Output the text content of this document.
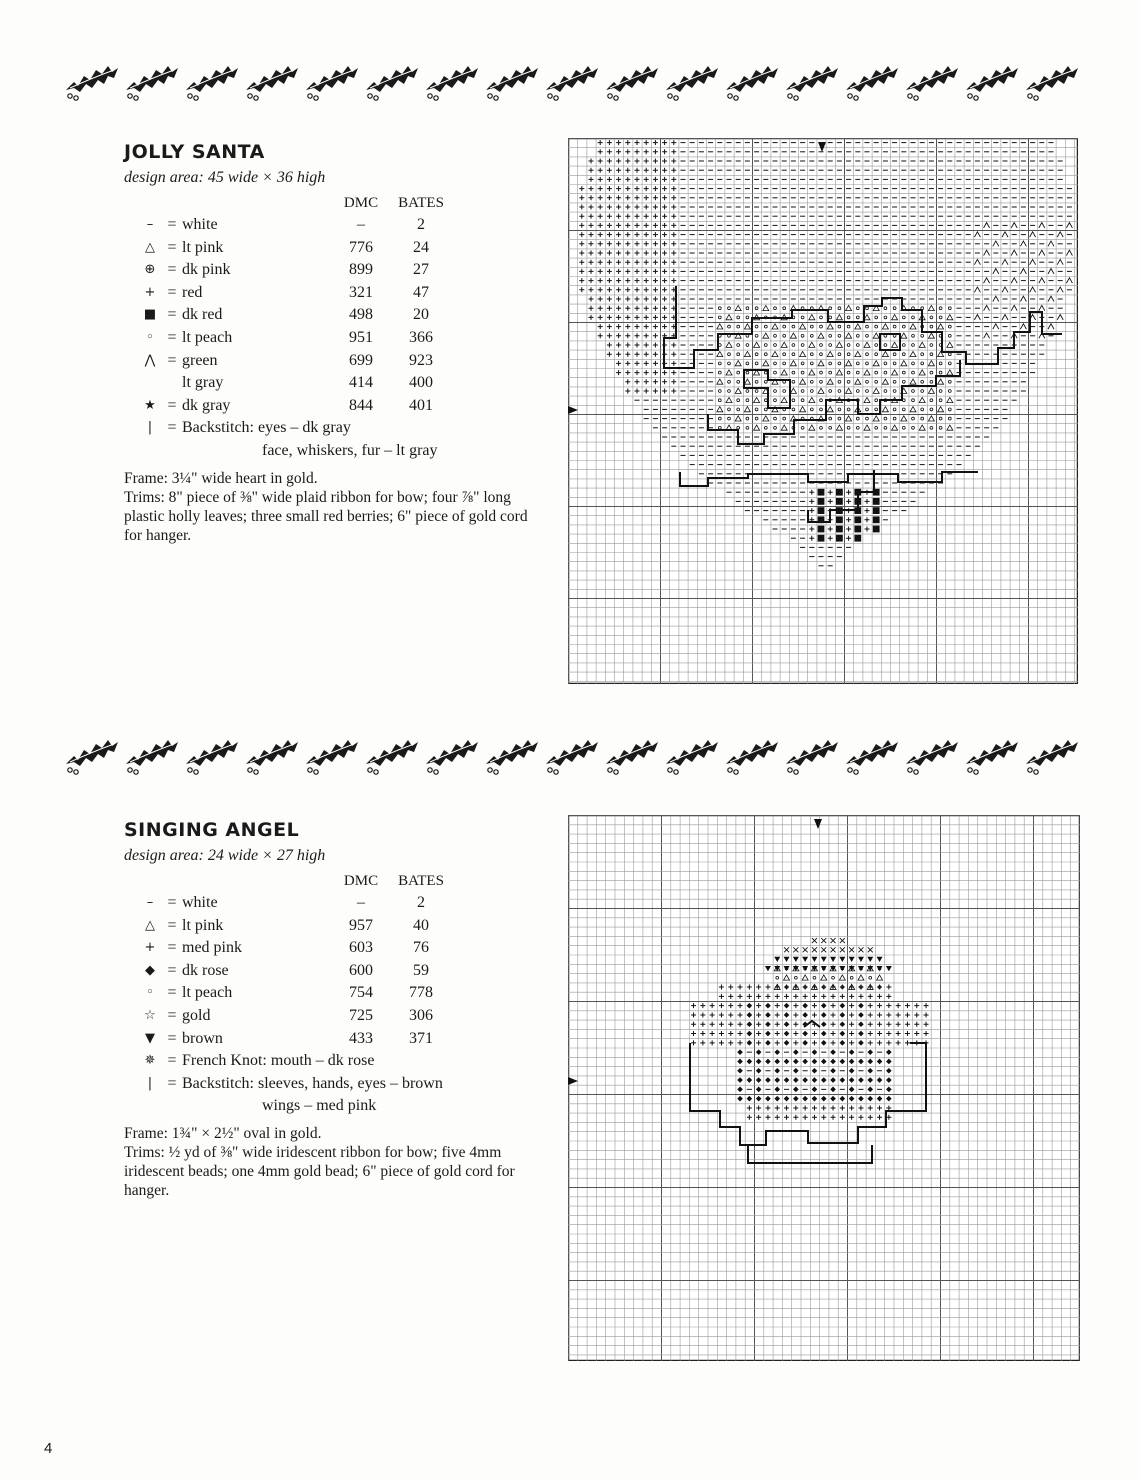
JOLLY SANTA
design area: 45 wide × 36 high
			DMC	BATES
–	=	white	–	2
△	=	lt pink	776	24
⊕	=	dk pink	899	27
+	=	red	321	47
■	=	dk red	498	20
◦	=	lt peach	951	366
⋀	=	green	699	923
		lt gray	414	400
★	=	dk gray	844	401
|	=	Backstitch: eyes – dk gray		
face, whiskers, fur – lt gray				

Frame: 3¼" wide heart in gold.

Trims: 8" piece of ⅜" wide plaid ribbon for bow; four ⅞" long plastic holly leaves; three small red berries; 6" piece of gold cord for hanger.

SINGING ANGEL
design area: 24 wide × 27 high
			DMC	BATES
–	=	white	–	2
△	=	lt pink	957	40
+	=	med pink	603	76
◆	=	dk rose	600	59
◦	=	lt peach	754	778
☆	=	gold	725	306
▼	=	brown	433	371
✵	=	French Knot: mouth – dk rose		
|	=	Backstitch: sleeves, hands, eyes – brown		
wings – med pink				

Frame: 1¾" × 2½" oval in gold.

Trims: ½ yd of ⅜" wide iridescent ribbon for bow; five 4mm iridescent beads; one 4mm gold bead; 6" piece of gold cord for hanger.

4
